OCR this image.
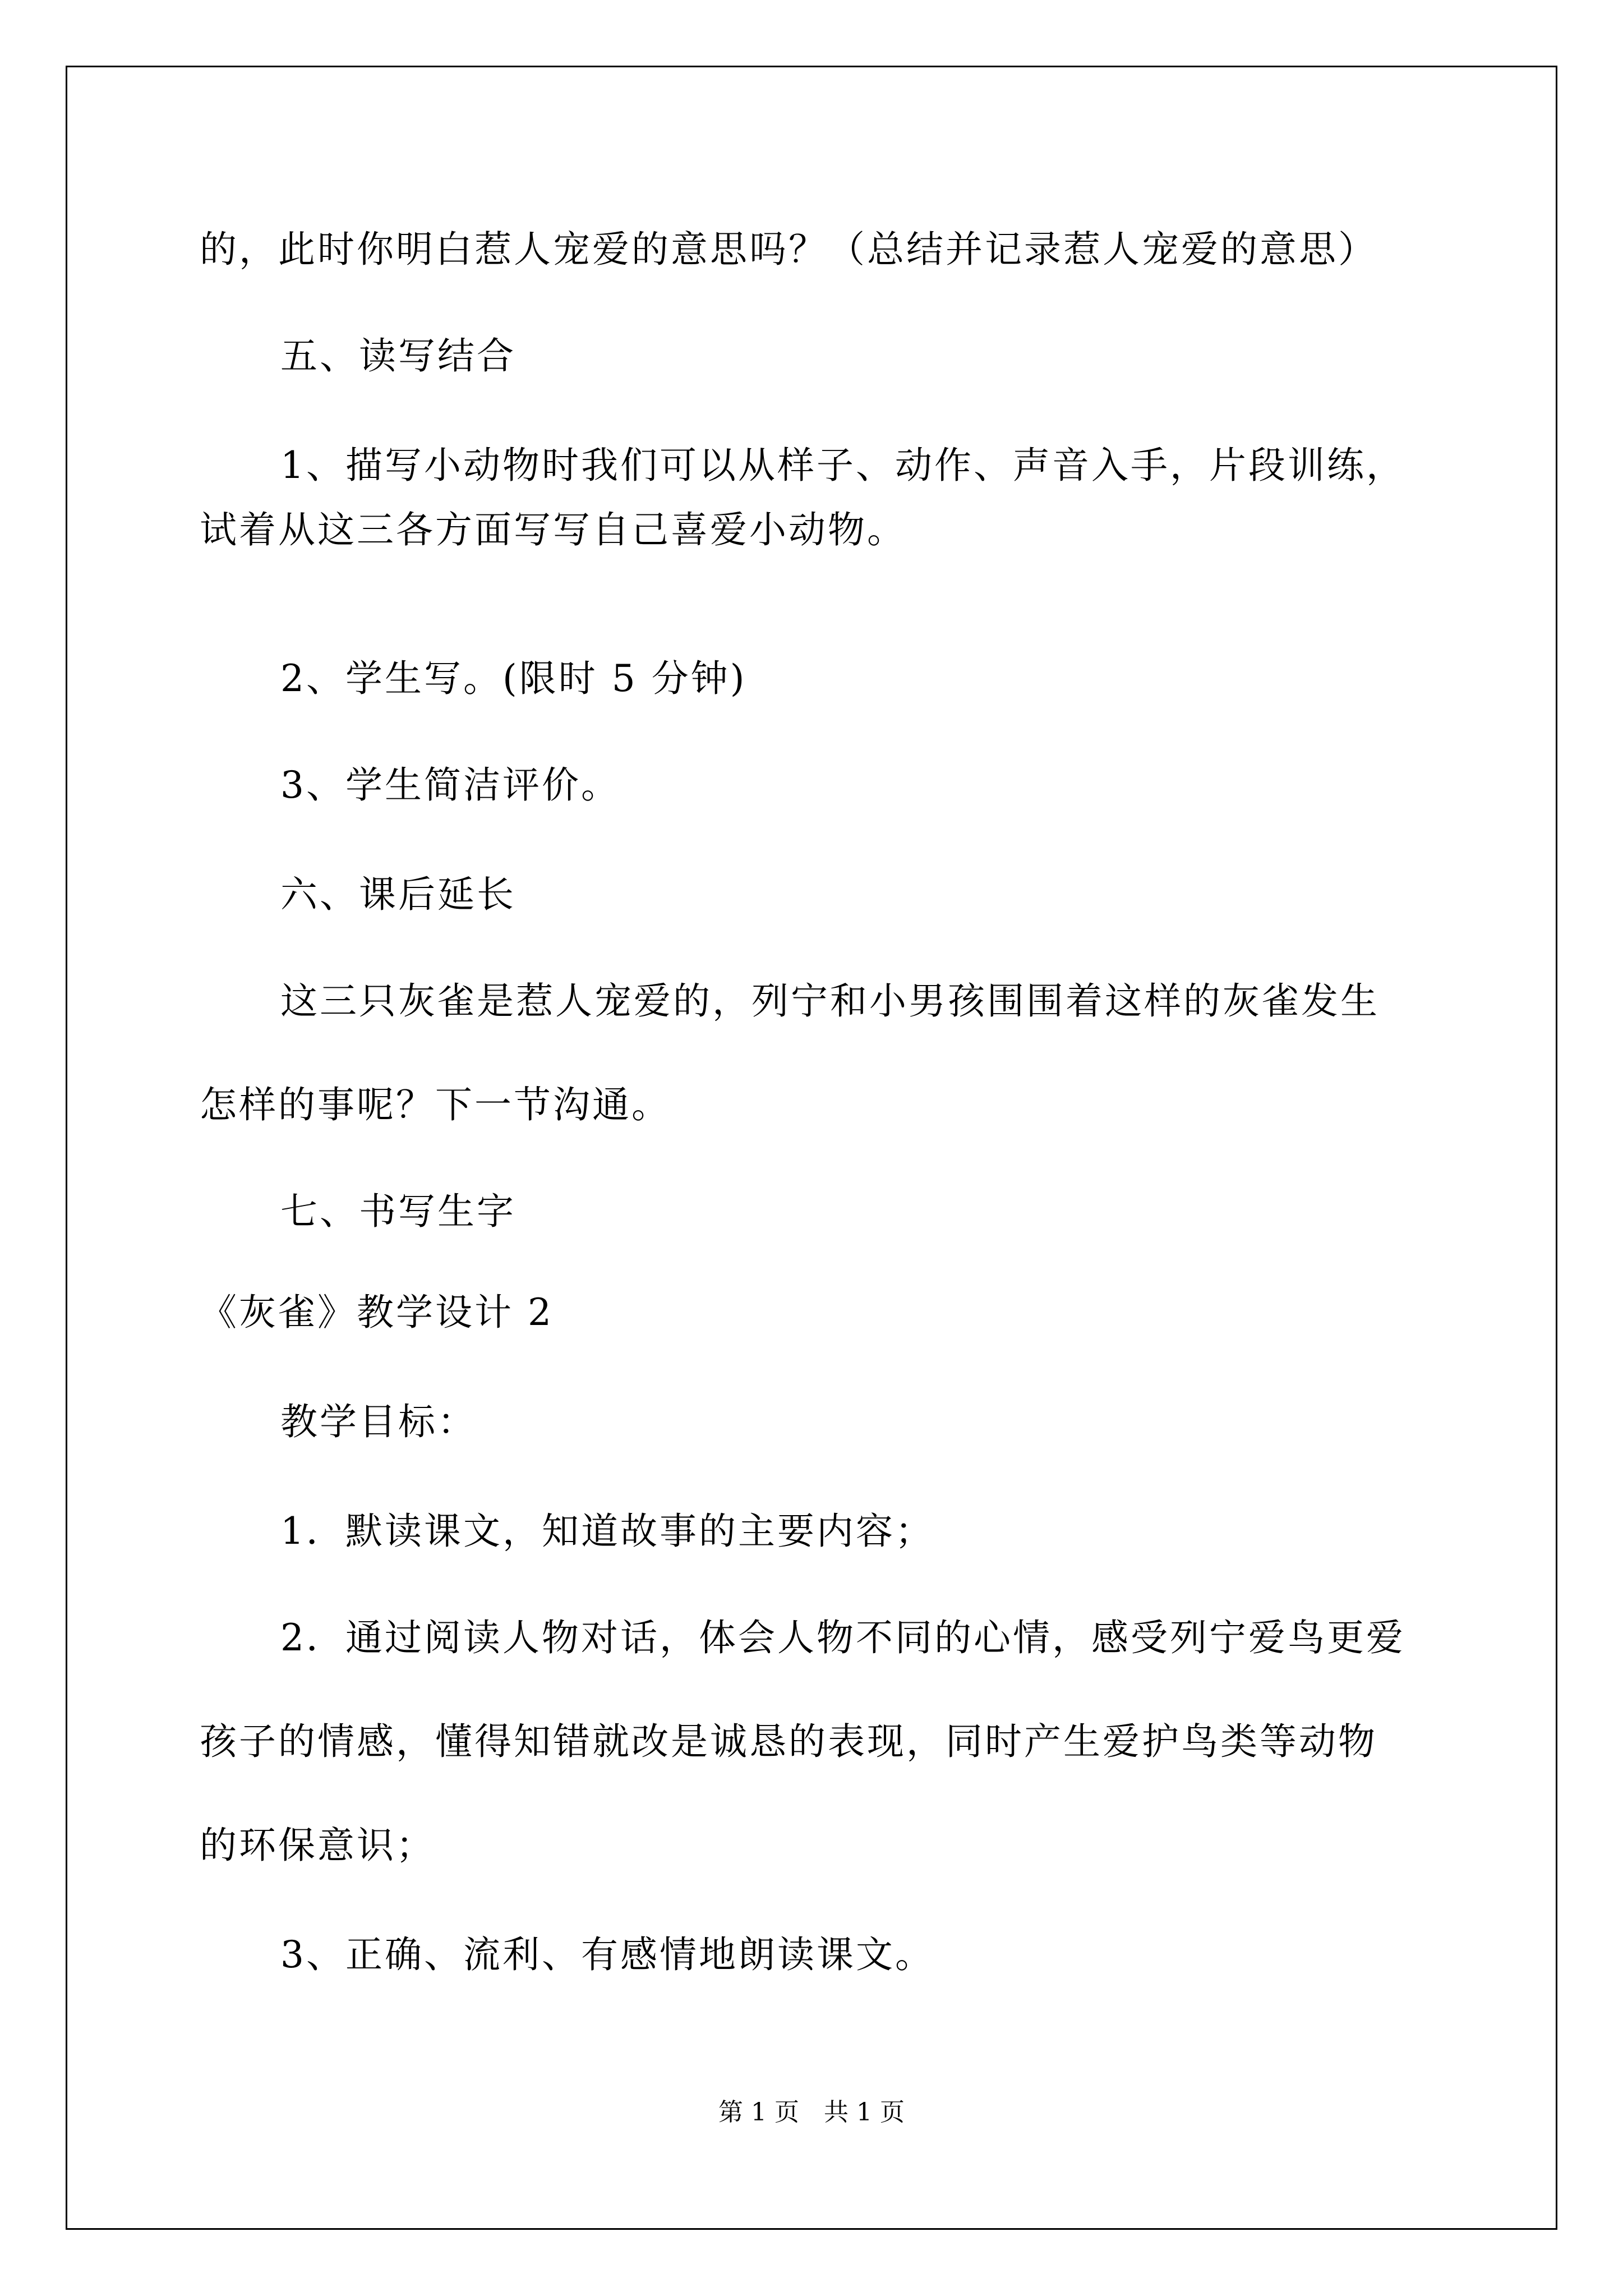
的，此时你明白惹人宠爱的意思吗？（总结并记录惹人宠爱的意思）
五、读写结合
1、描写小动物时我们可以从样子、动作、声音入手，片段训练，
试着从这三各方面写写自己喜爱小动物。
2、学生写。(限时 5 分钟)
3、学生简洁评价。
六、课后延长
这三只灰雀是惹人宠爱的，列宁和小男孩围围着这样的灰雀发生
怎样的事呢？下一节沟通。
七、书写生字
《灰雀》教学设计 2
教学目标：
1．默读课文，知道故事的主要内容；
2．通过阅读人物对话，体会人物不同的心情，感受列宁爱鸟更爱
孩子的情感，懂得知错就改是诚恳的表现，同时产生爱护鸟类等动物
的环保意识；
3、正确、流利、有感情地朗读课文。
第 1 页　共 1 页
